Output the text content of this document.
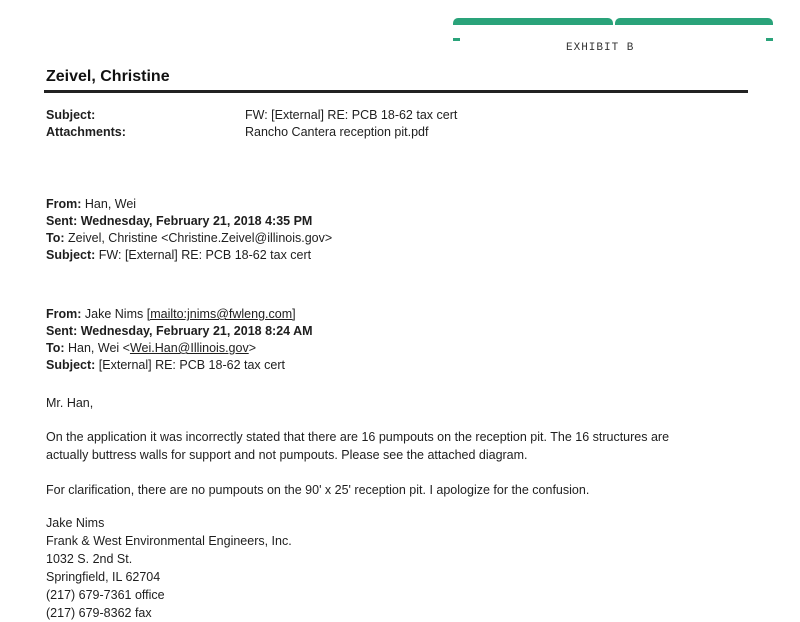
EXHIBIT B
Zeivel, Christine
Subject:	FW: [External] RE: PCB 18-62 tax cert
Attachments:	Rancho Cantera reception pit.pdf
From: Han, Wei
Sent: Wednesday, February 21, 2018 4:35 PM
To: Zeivel, Christine <Christine.Zeivel@illinois.gov>
Subject: FW: [External] RE: PCB 18-62 tax cert
From: Jake Nims [mailto:jnims@fwleng.com]
Sent: Wednesday, February 21, 2018 8:24 AM
To: Han, Wei <Wei.Han@Illinois.gov>
Subject: [External] RE: PCB 18-62 tax cert
Mr. Han,
On the application it was incorrectly stated that there are 16 pumpouts on the reception pit. The 16 structures are
actually buttress walls for support and not pumpouts. Please see the attached diagram.
For clarification, there are no pumpouts on the 90' x 25' reception pit. I apologize for the confusion.
Jake Nims
Frank & West Environmental Engineers, Inc.
1032 S. 2nd St.
Springfield, IL 62704
(217) 679-7361 office
(217) 679-8362 fax
